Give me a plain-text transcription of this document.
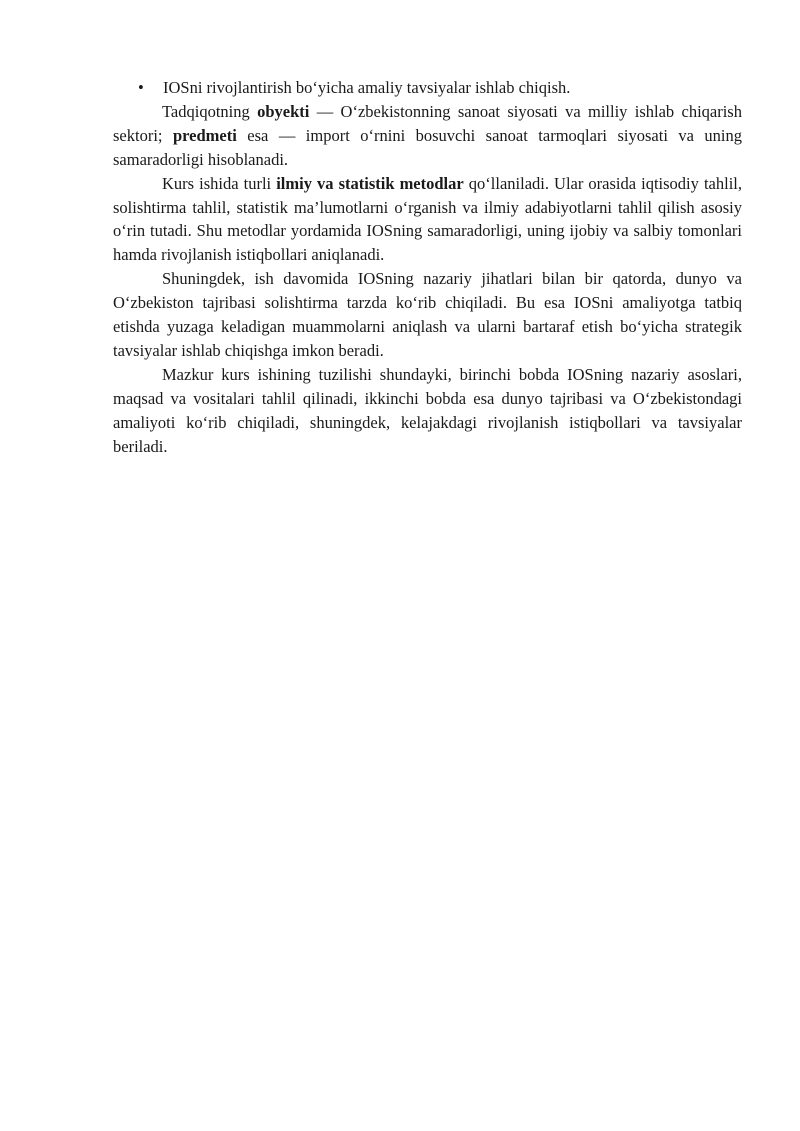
• IOSni rivojlantirish bo‘yicha amaliy tavsiyalar ishlab chiqish.

Tadqiqotning obyekti — O‘zbekistonning sanoat siyosati va milliy ishlab chiqarish sektori; predmeti esa — import o‘rnini bosuvchi sanoat tarmoqlari siyosati va uning samaradorligi hisoblanadi.

Kurs ishida turli ilmiy va statistik metodlar qo‘llaniladi. Ular orasida iqtisodiy tahlil, solishtirma tahlil, statistik ma’lumotlarni o‘rganish va ilmiy adabiyotlarni tahlil qilish asosiy o‘rin tutadi. Shu metodlar yordamida IOSning samaradorligi, uning ijobiy va salbiy tomonlari hamda rivojlanish istiqbollari aniqlanadi.

Shuningdek, ish davomida IOSning nazariy jihatlari bilan bir qatorda, dunyo va O‘zbekiston tajribasi solishtirma tarzda ko‘rib chiqiladi. Bu esa IOSni amaliyotga tatbiq etishda yuzaga keladigan muammolarni aniqlash va ularni bartaraf etish bo‘yicha strategik tavsiyalar ishlab chiqishga imkon beradi.

Mazkur kurs ishining tuzilishi shundayki, birinchi bobda IOSning nazariy asoslari, maqsad va vositalari tahlil qilinadi, ikkinchi bobda esa dunyo tajribasi va O‘zbekistondagi amaliyoti ko‘rib chiqiladi, shuningdek, kelajakdagi rivojlanish istiqbollari va tavsiyalar beriladi.
